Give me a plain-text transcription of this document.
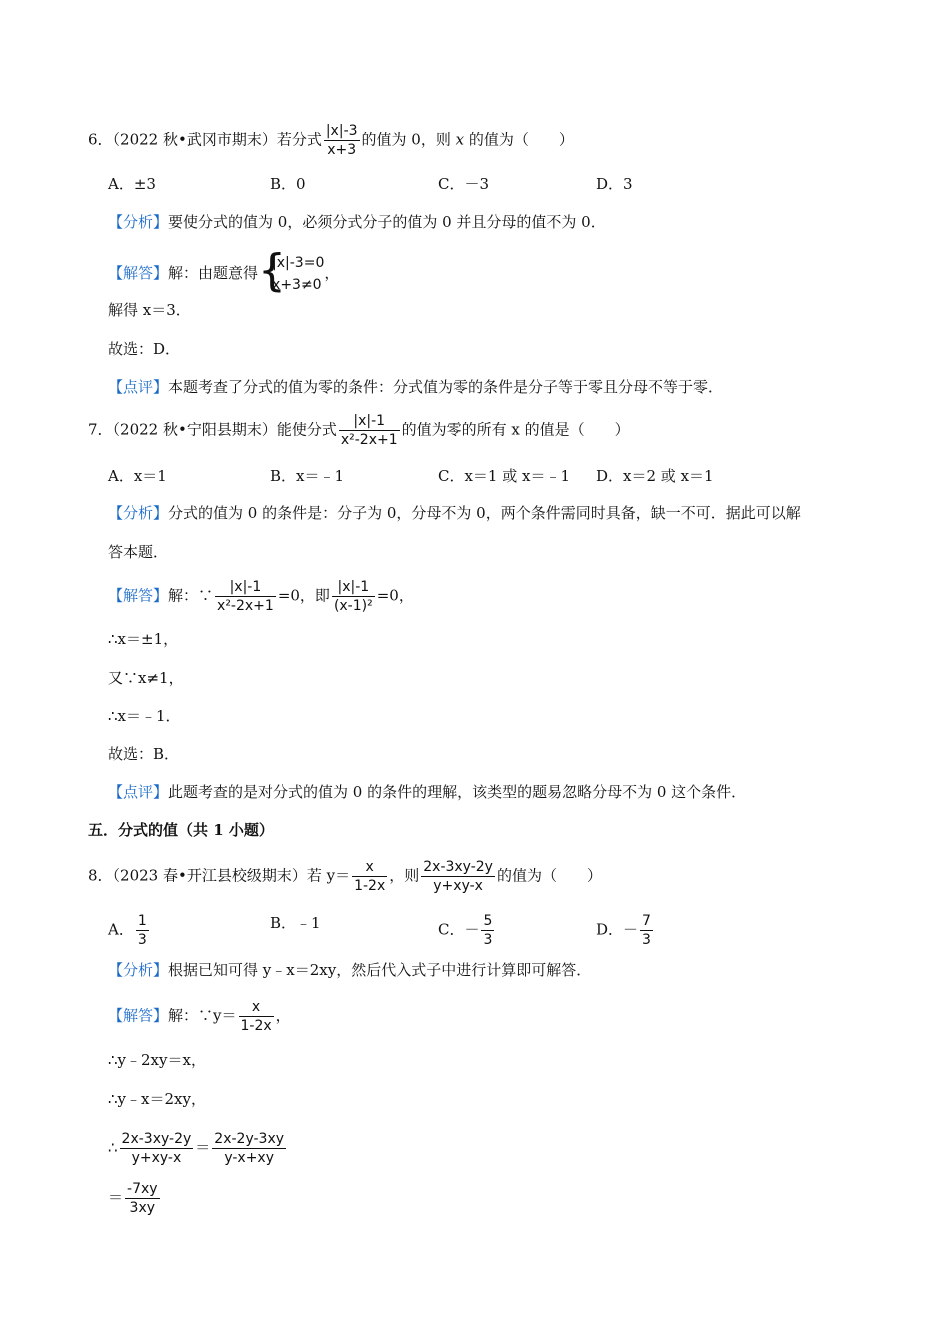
6．（2022 秋•武冈市期末）若分式 $\frac{|x|-3}{x+3}$ 的值为 0，则 x 的值为（　　）
A．±3	B．0	C．－3	D．3
【分析】要使分式的值为 0，必须分式分子的值为 0 并且分母的值不为 0．
【解答】解：由题意得 {
|x|-3=0
x+3≠0
，
解得 x＝3．
故选：D．
【点评】本题考查了分式的值为零的条件：分式值为零的条件是分子等于零且分母不等于零．
7．（2022 秋•宁阳县期末）能使分式 $\frac{|x|-1}{\text{x²-2x+1}}$ 的值为零的所有 x 的值是（　　）
A．x＝1	B．x＝﹣1	C．x＝1 或 x＝﹣1 D．x＝2 或 x＝1
【分析】分式的值为 0 的条件是：分子为 0，分母不为 0，两个条件需同时具备，缺一不可．据此可以解
答本题．
【解答】解：∵ $\frac{|x|-1}{\text{x²-2x+1}} =0$，即 $\frac{|x|-1}{\text{(x-1)²}} =0$，
∴x＝±1，
又∵x≠1，
∴x＝﹣1．
故选：B．
【点评】此题考查的是对分式的值为 0 的条件的理解，该类型的题易忽略分母不为 0 这个条件．
五．分式的值（共 1 小题）
8．（2023 春•开江县校级期末）若 $y= \frac{x}{1-2x}$ ，则 $\frac{2x-3xy-2y}{y+xy-x}$ 的值为（　　）
A． $\frac{1}{3}$	B．﹣1	C．－ $\frac{5}{3}$	D．－ $\frac{7}{3}$
【分析】根据已知可得 y﹣x＝2xy，然后代入式子中进行计算即可解答．
【解答】解：∵y＝ $\frac{x}{1-2x}$ ，
∴y﹣2xy＝x，
∴y﹣x＝2xy，
∴ $\frac{2x-3xy-2y}{y+xy-x} = \frac{2x-2y-3xy}{y-x+xy}$
＝ $\frac{-7xy}{3xy}$
